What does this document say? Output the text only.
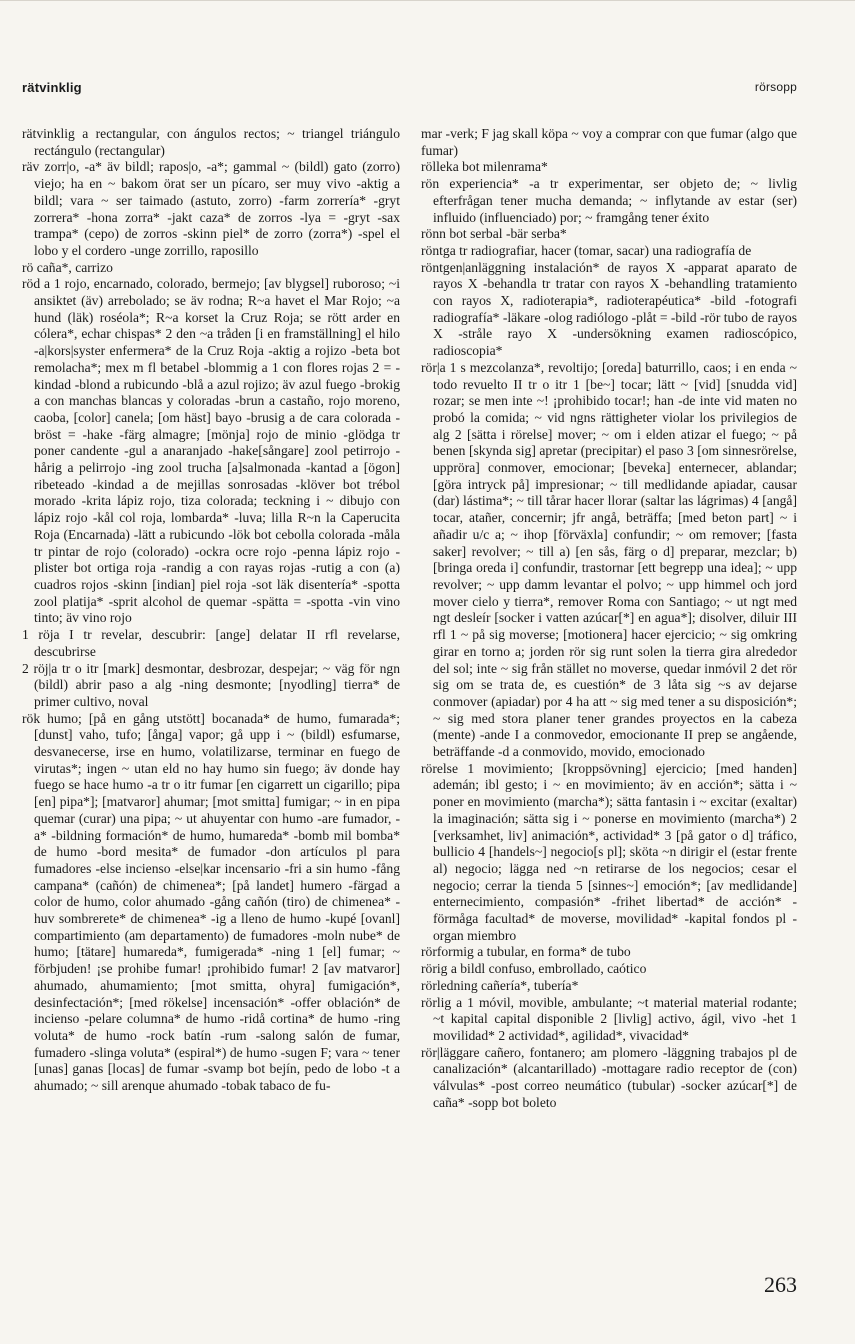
rätvinklig	rörsopp

rätvinklig a rectangular, con ángulos rectos; ~ triangel triángulo rectángulo (rectangular)

räv zorr|o, -a* äv bildl; rapos|o, -a*; gammal ~ (bildl) gato (zorro) viejo; ha en ~ bakom örat ser un pícaro, ser muy vivo -aktig a bildl; vara ~ ser taimado (astuto, zorro) -farm zorrería* -gryt zorrera* -hona zorra* -jakt caza* de zorros -lya = -gryt -sax trampa* (cepo) de zorros -skinn piel* de zorro (zorra*) -spel el lobo y el cordero -unge zorrillo, raposillo

rö caña*, carrizo

röd a 1 rojo, encarnado, colorado, bermejo; [av blygsel] ruboroso; ~i ansiktet (äv) arrebolado; se äv rodna; R~a havet el Mar Rojo; ~a hund (läk) roséola*; R~a korset la Cruz Roja; se rött arder en cólera*, echar chispas* 2 den ~a tråden [i en framställning] el hilo -a|kors|syster enfermera* de la Cruz Roja -aktig a rojizo -beta bot remolacha*; mex m fl betabel -blommig a 1 con flores rojas 2 = -kindad -blond a rubicundo -blå a azul rojizo; äv azul fuego -brokig a con manchas blancas y coloradas -brun a castaño, rojo moreno, caoba, [color] canela; [om häst] bayo -brusig a de cara colorada -bröst = -hake -färg almagre; [mönja] rojo de minio -glödga tr poner candente -gul a anaranjado -hake[sångare] zool petirrojo -hårig a pelirrojo -ing zool trucha [a]salmonada -kantad a [ögon] ribeteado -kindad a de mejillas sonrosadas -klöver bot trébol morado -krita lápiz rojo, tiza colorada; teckning i ~ dibujo con lápiz rojo -kål col roja, lombarda* -luva; lilla R~n la Caperucita Roja (Encarnada) -lätt a rubicundo -lök bot cebolla colorada -måla tr pintar de rojo (colorado) -ockra ocre rojo -penna lápiz rojo -plister bot ortiga roja -randig a con rayas rojas -rutig a con (a) cuadros rojos -skinn [indian] piel roja -sot läk disentería* -spotta zool platija* -sprit alcohol de quemar -spätta = -spotta -vin vino tinto; äv vino rojo

1 röja I tr revelar, descubrir: [ange] delatar II rfl revelarse, descubrirse

2 röj|a tr o itr [mark] desmontar, desbrozar, despejar; ~ väg för ngn (bildl) abrir paso a alg -ning desmonte; [nyodling] tierra* de primer cultivo, noval

rök humo; [på en gång utstött] bocanada* de humo, fumarada*; [dunst] vaho, tufo; [ånga] vapor; gå upp i ~ (bildl) esfumarse, desvanecerse, irse en humo, volatilizarse, terminar en fuego de virutas*; ingen ~ utan eld no hay humo sin fuego; äv donde hay fuego se hace humo -a tr o itr fumar [en cigarrett un cigarillo; pipa [en] pipa*]; [matvaror] ahumar; [mot smitta] fumigar; ~ in en pipa quemar (curar) una pipa; ~ ut ahuyentar con humo -are fumador, -a* -bildning formación* de humo, humareda* -bomb mil bomba* de humo -bord mesita* de fumador -don artículos pl para fumadores -else incienso -else|kar incensario -fri a sin humo -fång campana* (cañón) de chimenea*; [på landet] humero -färgad a color de humo, color ahumado -gång cañón (tiro) de chimenea* -huv sombrerete* de chimenea* -ig a lleno de humo -kupé [ovanl] compartimiento (am departamento) de fumadores -moln nube* de humo; [tätare] humareda*, fumigerada* -ning 1 [el] fumar; ~ förbjuden! ¡se prohibe fumar! ¡prohibido fumar! 2 [av matvaror] ahumado, ahumamiento; [mot smitta, ohyra] fumigación*, desinfectación*; [med rökelse] incensación* -offer oblación* de incienso -pelare columna* de humo -ridå cortina* de humo -ring voluta* de humo -rock batín -rum -salong salón de fumar, fumadero -slinga voluta* (espiral*) de humo -sugen F; vara ~ tener [unas] ganas [locas] de fumar -svamp bot bejín, pedo de lobo -t a ahumado; ~ sill arenque ahumado -tobak tabaco de fu-

mar -verk; F jag skall köpa ~ voy a comprar con que fumar (algo que fumar)

rölleka bot milenrama*

rön experiencia* -a tr experimentar, ser objeto de; ~ livlig efterfrågan tener mucha demanda; ~ inflytande av estar (ser) influido (influenciado) por; ~ framgång tener éxito

rönn bot serbal -bär serba*

röntga tr radiografiar, hacer (tomar, sacar) una radiografía de

röntgen|anläggning instalación* de rayos X -apparat aparato de rayos X -behandla tr tratar con rayos X -behandling tratamiento con rayos X, radioterapia*, radioterapéutica* -bild -fotografi radiografía* -läkare -olog radiólogo -plåt = -bild -rör tubo de rayos X -stråle rayo X -undersökning examen radioscópico, radioscopia*

rör|a 1 s mezcolanza*, revoltijo; [oreda] baturrillo, caos; i en enda ~ todo revuelto II tr o itr 1 [be~] tocar; lätt ~ [vid] [snudda vid] rozar; se men inte ~! ¡prohibido tocar!; han -de inte vid maten no probó la comida; ~ vid ngns rättigheter violar los privilegios de alg 2 [sätta i rörelse] mover; ~ om i elden atizar el fuego; ~ på benen [skynda sig] apretar (precipitar) el paso 3 [om sinnesrörelse, uppröra] conmover, emocionar; [beveka] enternecer, ablandar; [göra intryck på] impresionar; ~ till medlidande apiadar, causar (dar) lástima*; ~ till tårar hacer llorar (saltar las lágrimas) 4 [angå] tocar, atañer, concernir; jfr angå, beträffa; [med beton part] ~ i añadir u/c a; ~ ihop [förväxla] confundir; ~ om remover; [fasta saker] revolver; ~ till a) [en sås, färg o d] preparar, mezclar; b) [bringa oreda i] confundir, trastornar [ett begrepp una idea]; ~ upp revolver; ~ upp damm levantar el polvo; ~ upp himmel och jord mover cielo y tierra*, remover Roma con Santiago; ~ ut ngt med ngt desleír [socker i vatten azúcar[*] en agua*]; disolver, diluir III rfl 1 ~ på sig moverse; [motionera] hacer ejercicio; ~ sig omkring girar en torno a; jorden rör sig runt solen la tierra gira alrededor del sol; inte ~ sig från stället no moverse, quedar inmóvil 2 det rör sig om se trata de, es cuestión* de 3 låta sig ~s av dejarse conmover (apiadar) por 4 ha att ~ sig med tener a su disposición*; ~ sig med stora planer tener grandes proyectos en la cabeza (mente) -ande I a conmovedor, emocionante II prep se angående, beträffande -d a conmovido, movido, emocionado

rörelse 1 movimiento; [kroppsövning] ejercicio; [med handen] ademán; ibl gesto; i ~ en movimiento; äv en acción*; sätta i ~ poner en movimiento (marcha*); sätta fantasin i ~ excitar (exaltar) la imaginación; sätta sig i ~ ponerse en movimiento (marcha*) 2 [verksamhet, liv] animación*, actividad* 3 [på gator o d] tráfico, bullicio 4 [handels~] negocio[s pl]; sköta ~n dirigir el (estar frente al) negocio; lägga ned ~n retirarse de los negocios; cesar el negocio; cerrar la tienda 5 [sinnes~] emoción*; [av medlidande] enternecimiento, compasión* -frihet libertad* de acción* -förmåga facultad* de moverse, movilidad* -kapital fondos pl -organ miembro

rörformig a tubular, en forma* de tubo

rörig a bildl confuso, embrollado, caótico

rörledning cañería*, tubería*

rörlig a 1 móvil, movible, ambulante; ~t material material rodante; ~t kapital capital disponible 2 [livlig] activo, ágil, vivo -het 1 movilidad* 2 actividad*, agilidad*, vivacidad*

rör|läggare cañero, fontanero; am plomero -läggning trabajos pl de canalización* (alcantarillado) -mottagare radio receptor de (con) válvulas* -post correo neumático (tubular) -socker azúcar[*] de caña* -sopp bot boleto

263
